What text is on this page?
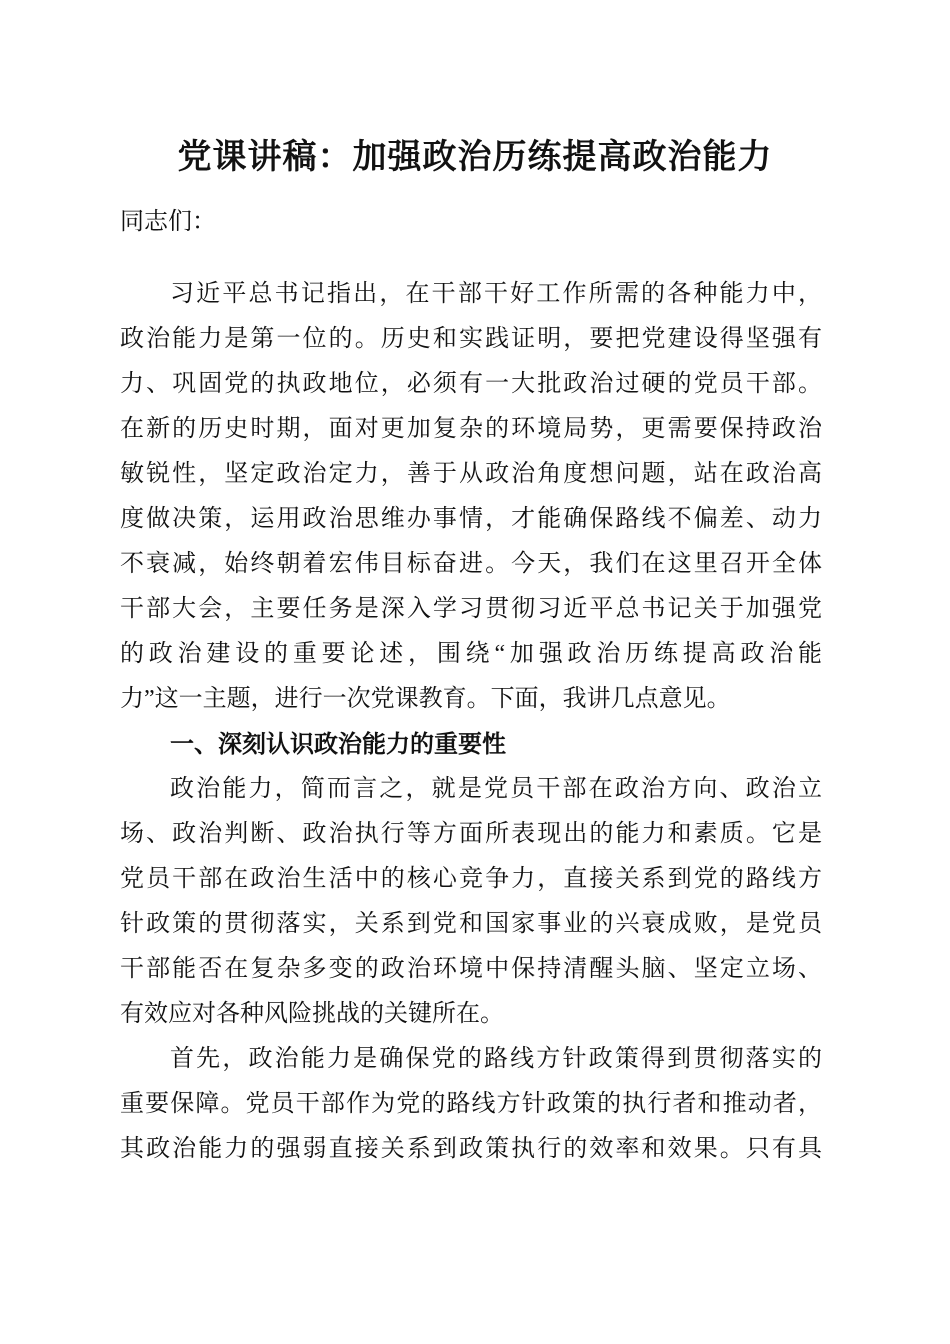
党课讲稿：加强政治历练提高政治能力
同志们：
习近平总书记指出，在干部干好工作所需的各种能力中，
政治能力是第一位的。历史和实践证明，要把党建设得坚强有
力、巩固党的执政地位，必须有一大批政治过硬的党员干部。
在新的历史时期，面对更加复杂的环境局势，更需要保持政治
敏锐性，坚定政治定力，善于从政治角度想问题，站在政治高
度做决策，运用政治思维办事情，才能确保路线不偏差、动力
不衰减，始终朝着宏伟目标奋进。今天，我们在这里召开全体
干部大会，主要任务是深入学习贯彻习近平总书记关于加强党
的政治建设的重要论述，围绕“加强政治历练提高政治能
力”这一主题，进行一次党课教育。下面，我讲几点意见。
一、深刻认识政治能力的重要性
政治能力，简而言之，就是党员干部在政治方向、政治立
场、政治判断、政治执行等方面所表现出的能力和素质。它是
党员干部在政治生活中的核心竞争力，直接关系到党的路线方
针政策的贯彻落实，关系到党和国家事业的兴衰成败，是党员
干部能否在复杂多变的政治环境中保持清醒头脑、坚定立场、
有效应对各种风险挑战的关键所在。
首先，政治能力是确保党的路线方针政策得到贯彻落实的
重要保障。党员干部作为党的路线方针政策的执行者和推动者，
其政治能力的强弱直接关系到政策执行的效率和效果。只有具
